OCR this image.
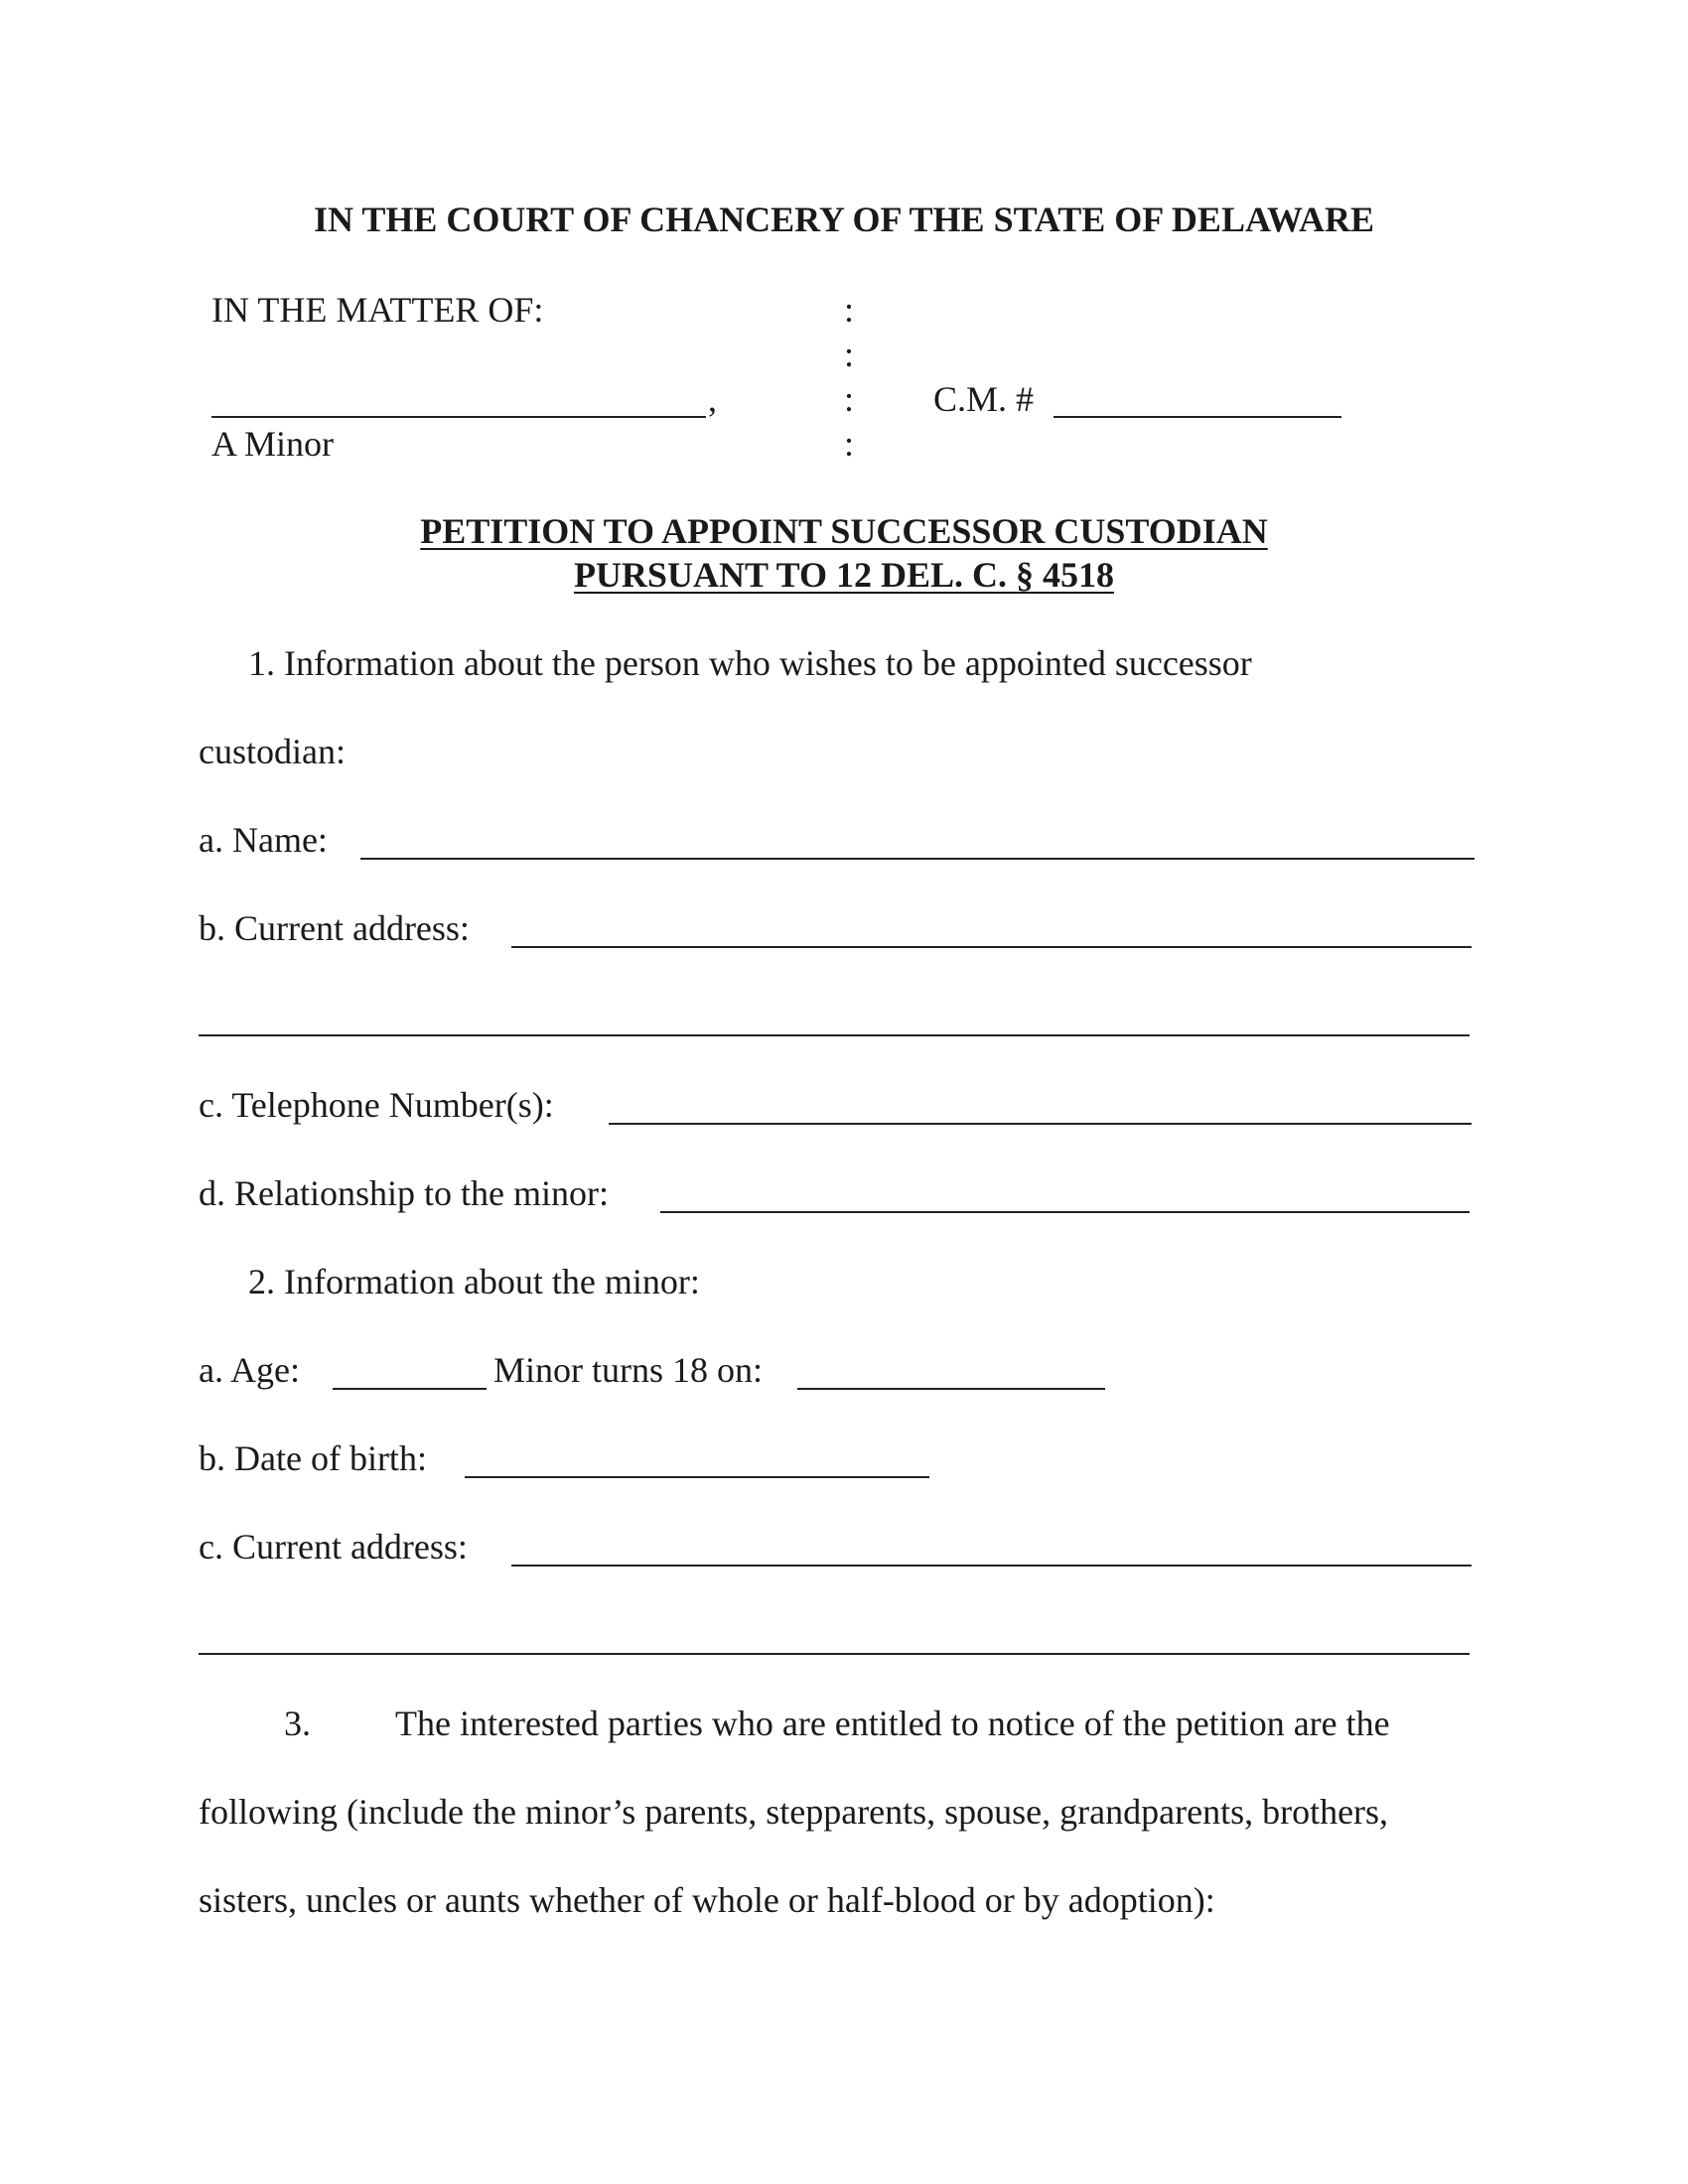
IN THE COURT OF CHANCERY OF THE STATE OF DELAWARE
IN THE MATTER OF:
,
A Minor
:
:
:
:
C.M. #
PETITION TO APPOINT SUCCESSOR CUSTODIAN
PURSUANT TO 12 DEL. C. § 4518
1. Information about the person who wishes to be appointed successor
custodian:
a. Name:
b. Current address:
c. Telephone Number(s):
d. Relationship to the minor:
2. Information about the minor:
a. Age:	Minor turns 18 on:
b. Date of birth:
c. Current address:
3. The interested parties who are entitled to notice of the petition are the
following (include the minor’s parents, stepparents, spouse, grandparents, brothers,
sisters, uncles or aunts whether of whole or half-blood or by adoption):
